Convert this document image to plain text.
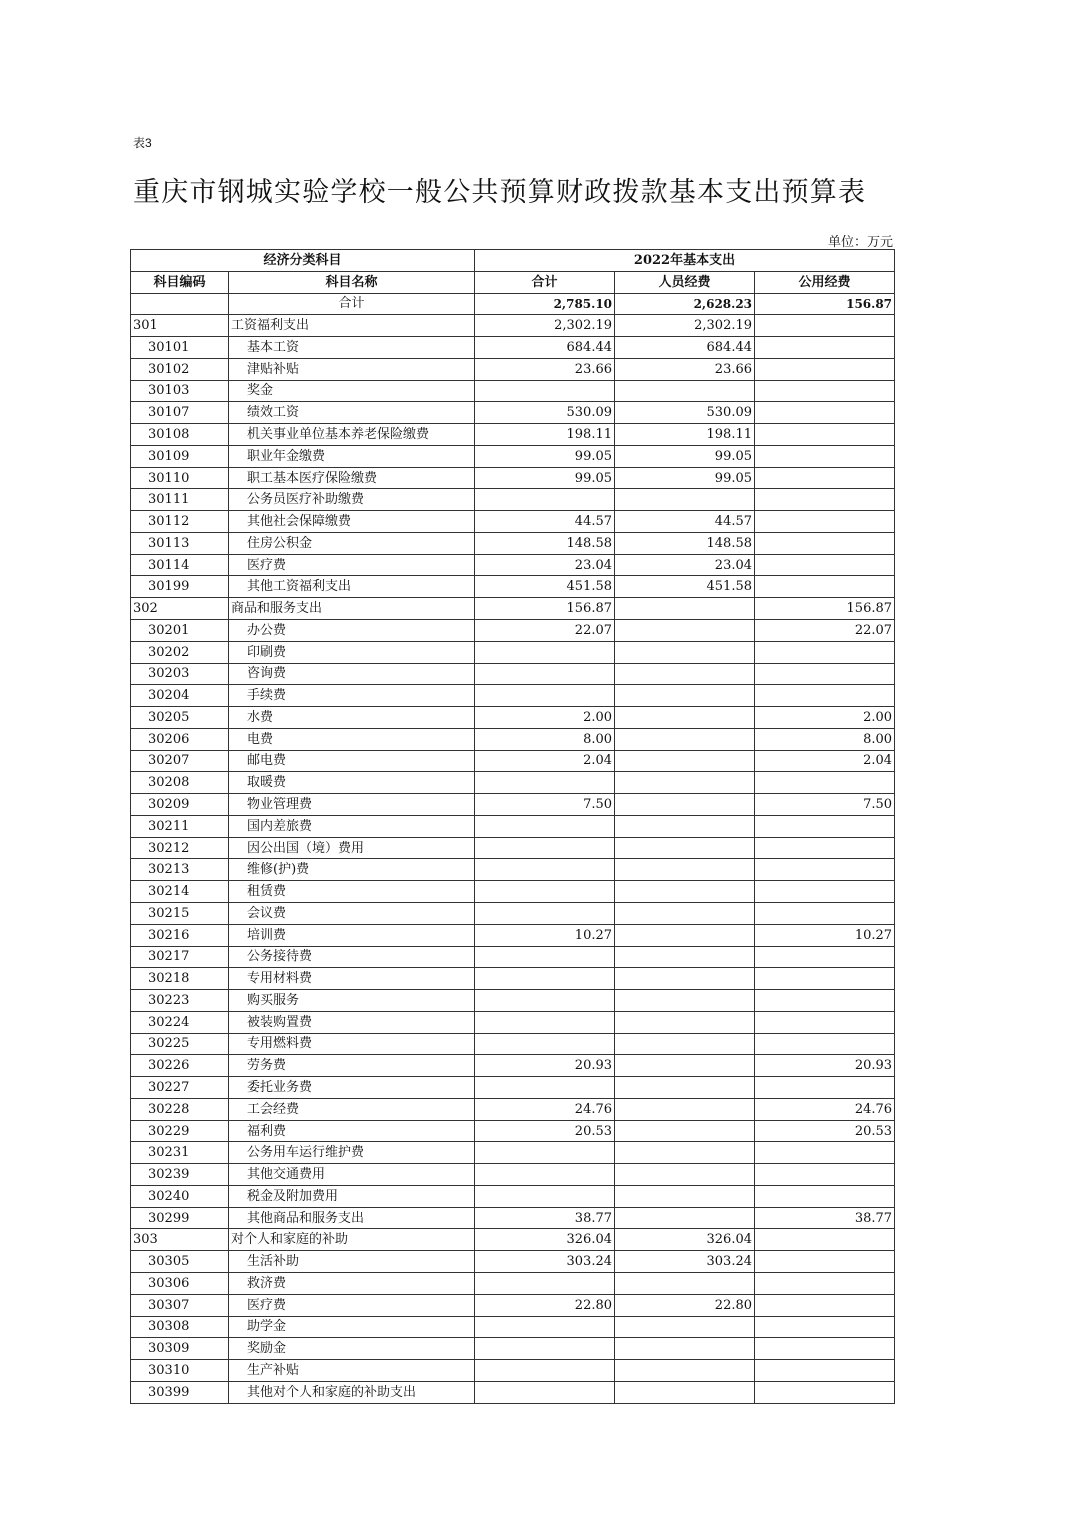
表3
重庆市钢城实验学校一般公共预算财政拨款基本支出预算表
单位：万元
经济分类科目		2022年基本支出		
科目编码	科目名称	合计	人员经费	公用经费
	合计	2,785.10	2,628.23	156.87
301	工资福利支出	2,302.19	2,302.19	
30101	基本工资	684.44	684.44	
30102	津贴补贴	23.66	23.66	
30103	奖金			
30107	绩效工资	530.09	530.09	
30108	机关事业单位基本养老保险缴费	198.11	198.11	
30109	职业年金缴费	99.05	99.05	
30110	职工基本医疗保险缴费	99.05	99.05	
30111	公务员医疗补助缴费			
30112	其他社会保障缴费	44.57	44.57	
30113	住房公积金	148.58	148.58	
30114	医疗费	23.04	23.04	
30199	其他工资福利支出	451.58	451.58	
302	商品和服务支出	156.87		156.87
30201	办公费	22.07		22.07
30202	印刷费			
30203	咨询费			
30204	手续费			
30205	水费	2.00		2.00
30206	电费	8.00		8.00
30207	邮电费	2.04		2.04
30208	取暖费			
30209	物业管理费	7.50		7.50
30211	国内差旅费			
30212	因公出国（境）费用			
30213	维修(护)费			
30214	租赁费			
30215	会议费			
30216	培训费	10.27		10.27
30217	公务接待费			
30218	专用材料费			
30223	购买服务			
30224	被装购置费			
30225	专用燃料费			
30226	劳务费	20.93		20.93
30227	委托业务费			
30228	工会经费	24.76		24.76
30229	福利费	20.53		20.53
30231	公务用车运行维护费			
30239	其他交通费用			
30240	税金及附加费用			
30299	其他商品和服务支出	38.77		38.77
303	对个人和家庭的补助	326.04	326.04	
30305	生活补助	303.24	303.24	
30306	救济费			
30307	医疗费	22.80	22.80	
30308	助学金			
30309	奖励金			
30310	生产补贴			
30399	其他对个人和家庭的补助支出			
